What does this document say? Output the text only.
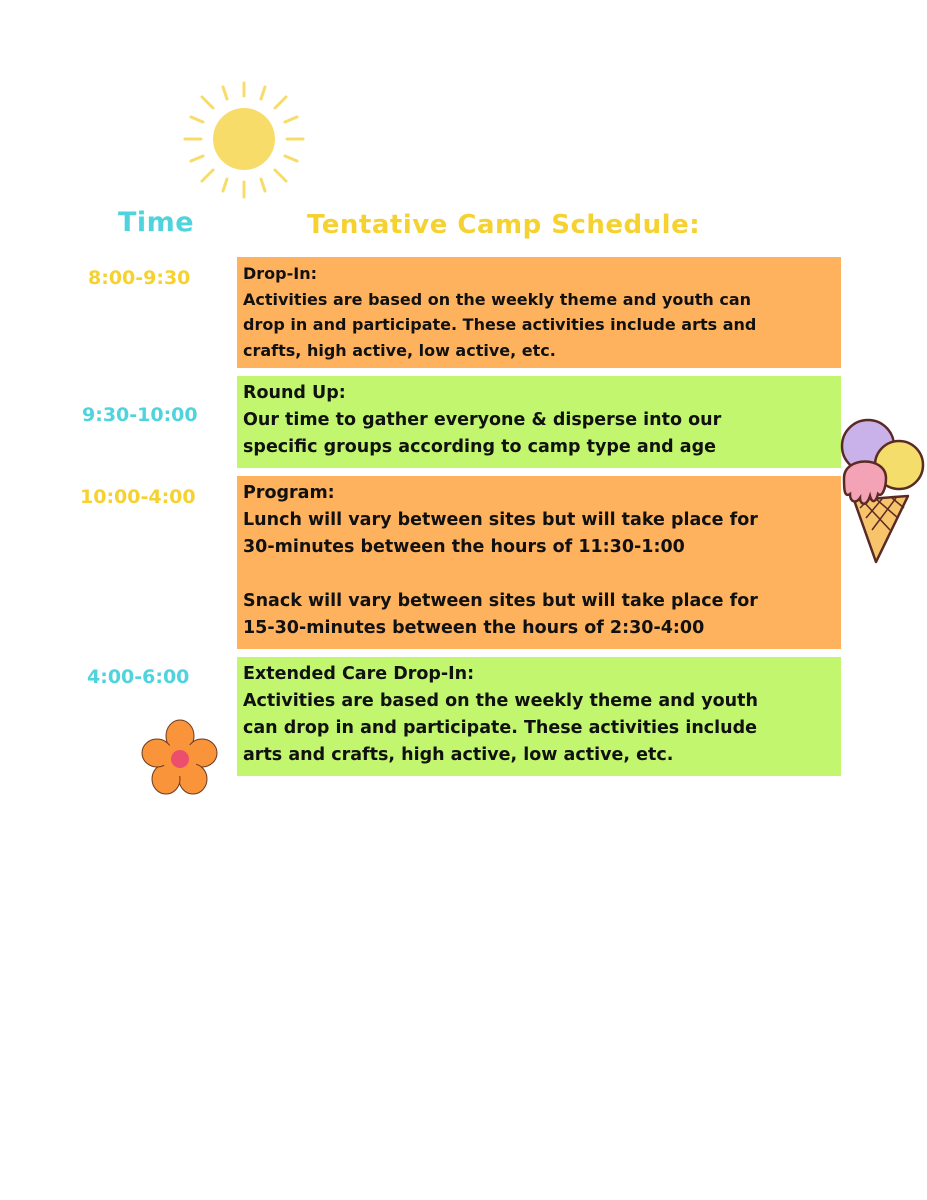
Time	Tentative Camp Schedule:
8:00-9:30
9:30-10:00
10:00-4:00
4:00-6:00
Drop-In:
Activities are based on the weekly theme and youth can
drop in and participate. These activities include arts and
crafts, high active, low active, etc.
Round Up:
Our time to gather everyone & disperse into our
specific groups according to camp type and age
Program:
Lunch will vary between sites but will take place for
30-minutes between the hours of 11:30-1:00

Snack will vary between sites but will take place for
15-30-minutes between the hours of 2:30-4:00
Extended Care Drop-In:
Activities are based on the weekly theme and youth
can drop in and participate. These activities include
arts and crafts, high active, low active, etc.
